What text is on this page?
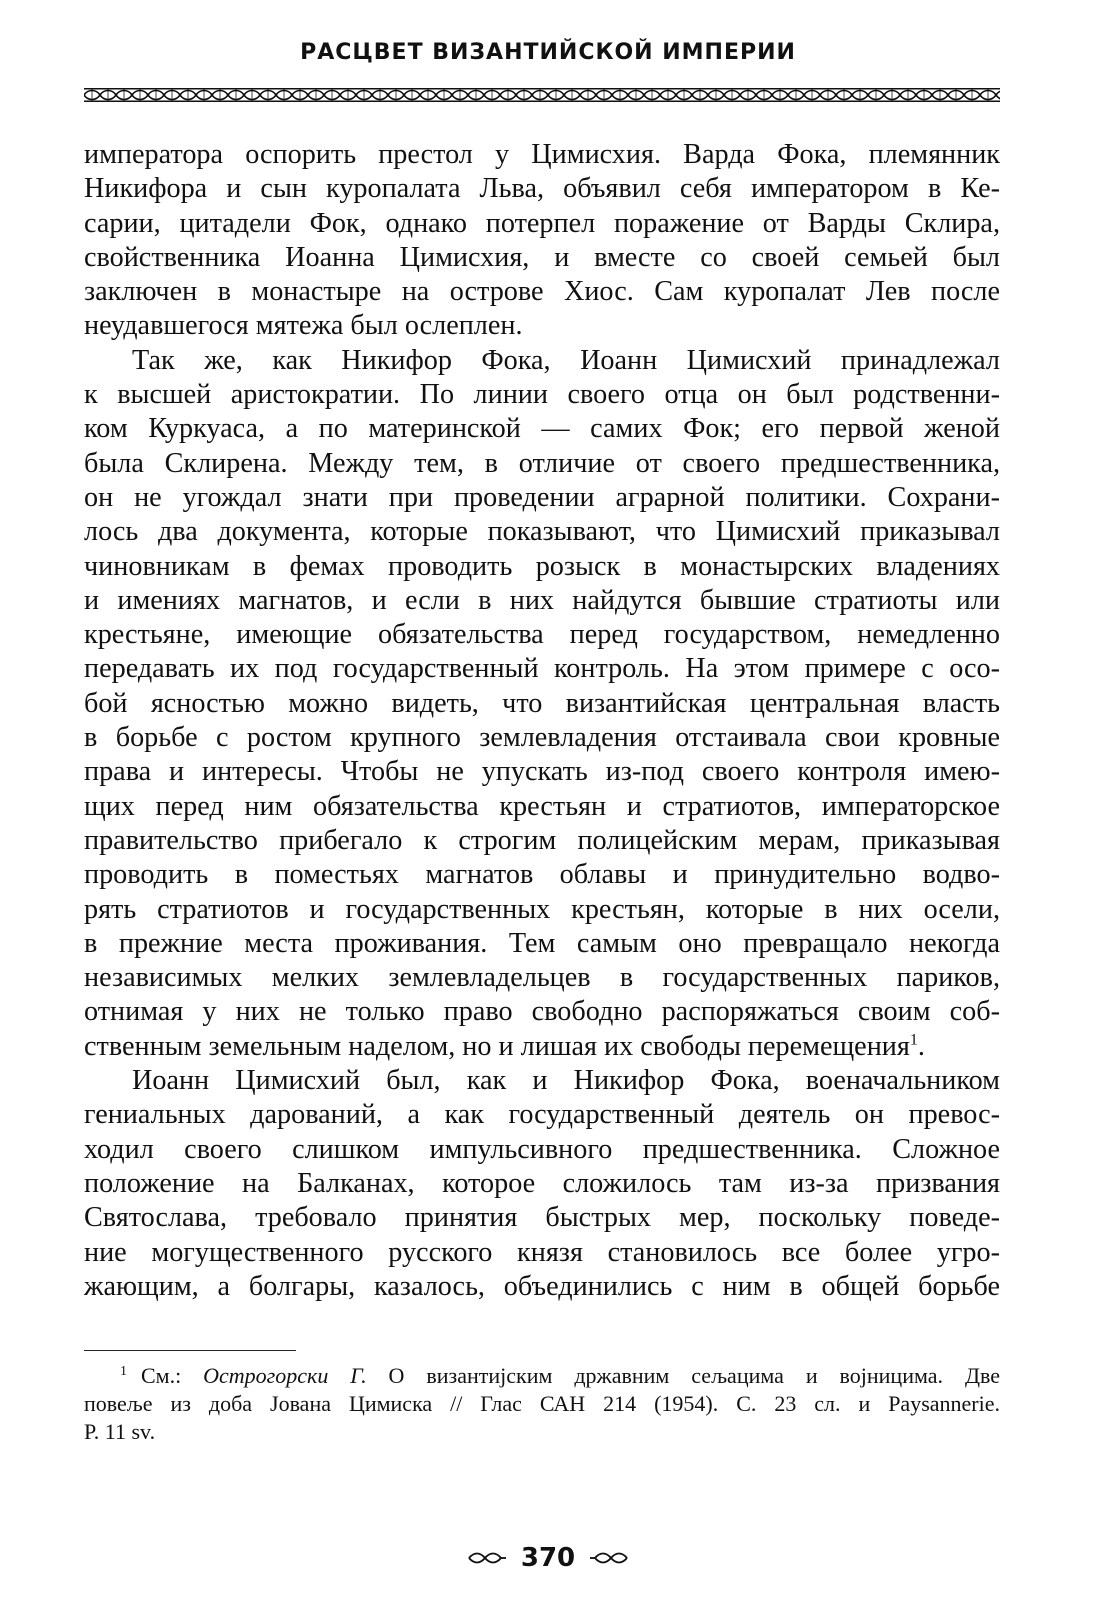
РАСЦВЕТ ВИЗАНТИЙСКОЙ ИМПЕРИИ

императора оспорить престол у Цимисхия. Варда Фока, племянник
Никифора и сын куропалата Льва, объявил себя императором в Ке-
сарии, цитадели Фок, однако потерпел поражение от Варды Склира,
свойственника Иоанна Цимисхия, и вместе со своей семьей был
заключен в монастыре на острове Хиос. Сам куропалат Лев после
неудавшегося мятежа был ослеплен.

Так же, как Никифор Фока, Иоанн Цимисхий принадлежал
к высшей аристократии. По линии своего отца он был родственни-
ком Куркуаса, а по материнской — самих Фок; его первой женой
была Склирена. Между тем, в отличие от своего предшественника,
он не угождал знати при проведении аграрной политики. Сохрани-
лось два документа, которые показывают, что Цимисхий приказывал
чиновникам в фемах проводить розыск в монастырских владениях
и имениях магнатов, и если в них найдутся бывшие стратиоты или
крестьяне, имеющие обязательства перед государством, немедленно
передавать их под государственный контроль. На этом примере с осо-
бой ясностью можно видеть, что византийская центральная власть
в борьбе с ростом крупного землевладения отстаивала свои кровные
права и интересы. Чтобы не упускать из-под своего контроля имею-
щих перед ним обязательства крестьян и стратиотов, императорское
правительство прибегало к строгим полицейским мерам, приказывая
проводить в поместьях магнатов облавы и принудительно водво-
рять стратиотов и государственных крестьян, которые в них осели,
в прежние места проживания. Тем самым оно превращало некогда
независимых мелких землевладельцев в государственных париков,
отнимая у них не только право свободно распоряжаться своим соб-
ственным земельным наделом, но и лишая их свободы перемещения$^1$.

Иоанн Цимисхий был, как и Никифор Фока, военачальником
гениальных дарований, а как государственный деятель он превос-
ходил своего слишком импульсивного предшественника. Сложное
положение на Балканах, которое сложилось там из-за призвания
Святослава, требовало принятия быстрых мер, поскольку поведе-
ние могущественного русского князя становилось все более угро-
жающим, а болгары, казалось, объединились с ним в общей борьбе

$^1$ См.: Острогорски Г. О византиjским државним сељацима и воjницима. Две
повеље из доба Jована Цимиска // Глас САН 214 (1954). С. 23 сл. и Paysannerie.
P. 11 sv.
370
